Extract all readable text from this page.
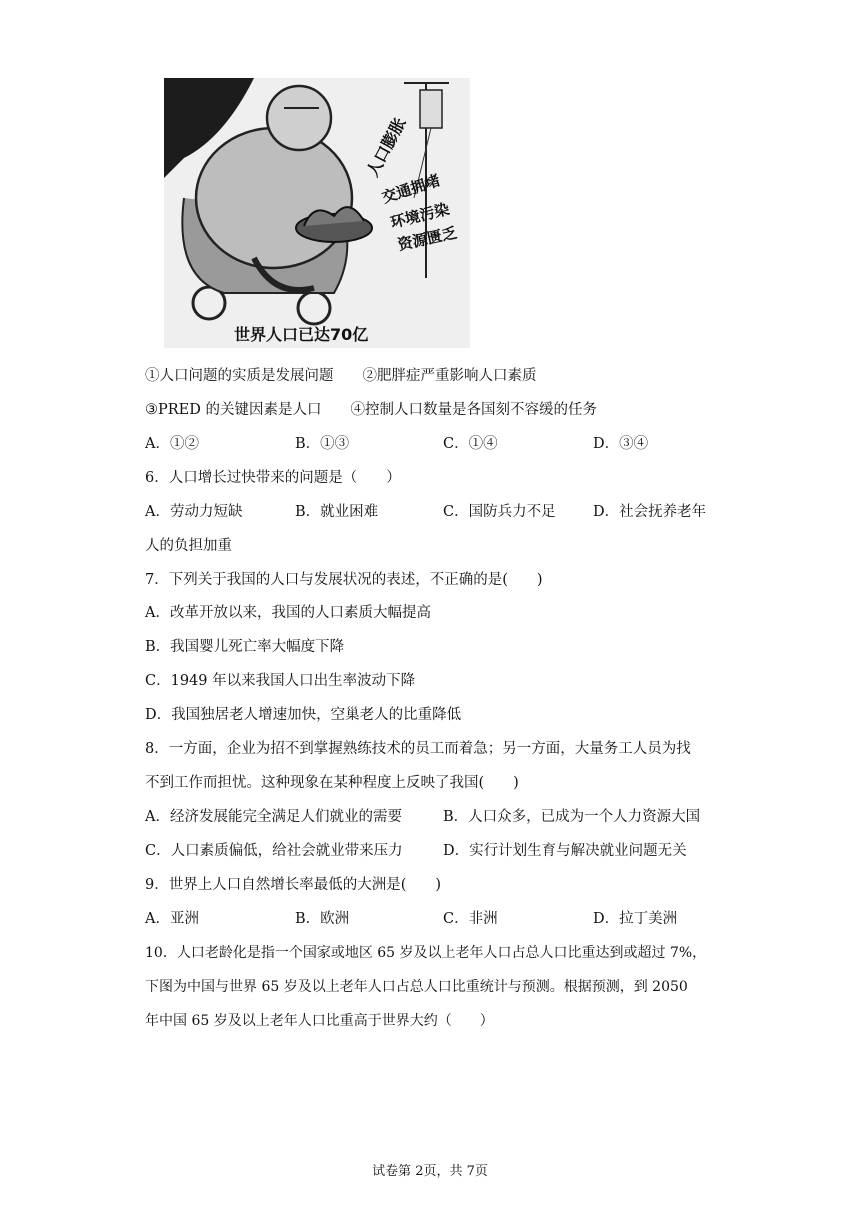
世界人口已达70亿
人口膨胀
交通拥堵
环境污染
资源匮乏
①人口问题的实质是发展问题　　②肥胖症严重影响人口素质
③PRED 的关键因素是人口　　④控制人口数量是各国刻不容缓的任务
A．①②	B．①③	C．①④	D．③④
6．人口增长过快带来的问题是（　　）
A．劳动力短缺	B．就业困难	C．国防兵力不足	D．社会抚养老年
人的负担加重
7．下列关于我国的人口与发展状况的表述，不正确的是(　　)
A．改革开放以来，我国的人口素质大幅提高
B．我国婴儿死亡率大幅度下降
C．1949 年以来我国人口出生率波动下降
D．我国独居老人增速加快，空巢老人的比重降低
8．一方面，企业为招不到掌握熟练技术的员工而着急；另一方面，大量务工人员为找
不到工作而担忧。这种现象在某种程度上反映了我国(　　)
A．经济发展能完全满足人们就业的需要	B．人口众多，已成为一个人力资源大国
C．人口素质偏低，给社会就业带来压力	D．实行计划生育与解决就业问题无关
9．世界上人口自然增长率最低的大洲是(　　)
A．亚洲	B．欧洲	C．非洲	D．拉丁美洲
10．人口老龄化是指一个国家或地区 65 岁及以上老年人口占总人口比重达到或超过 7%，
下图为中国与世界 65 岁及以上老年人口占总人口比重统计与预测。根据预测，到 2050
年中国 65 岁及以上老年人口比重高于世界大约（　　）
试卷第 2页，共 7页
